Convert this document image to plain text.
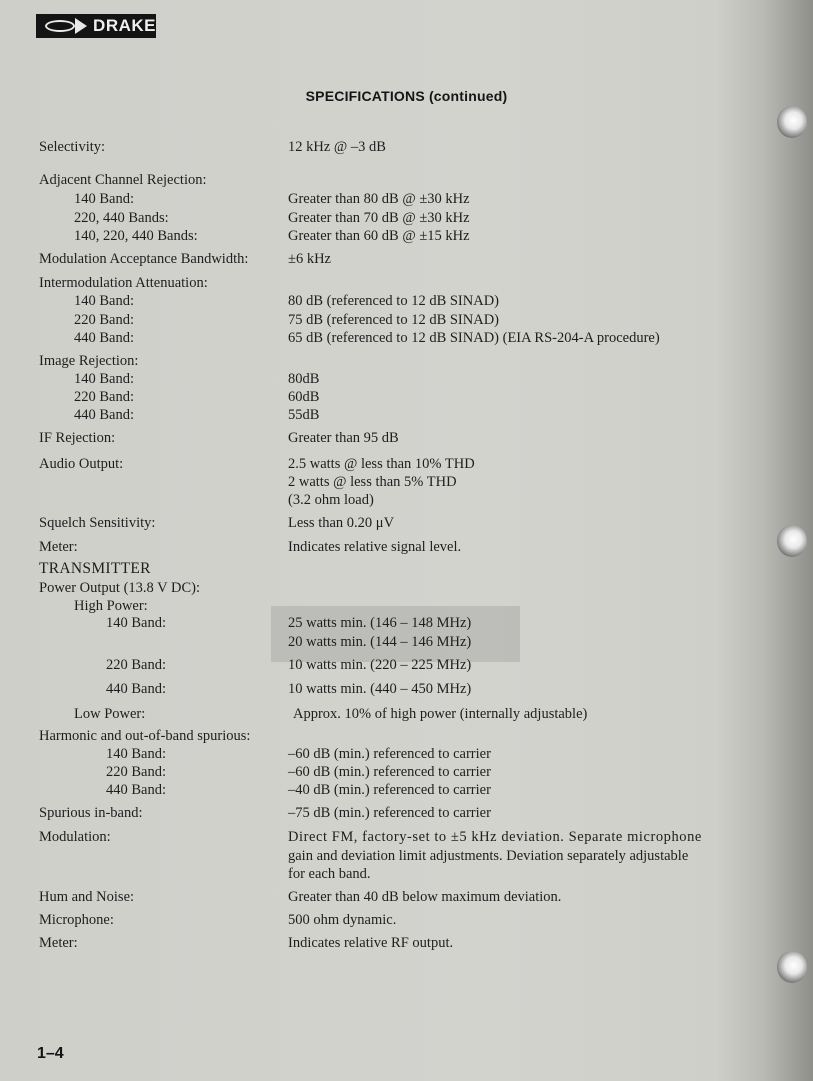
DRAKE
SPECIFICATIONS (continued)
Selectivity:	12 kHz @ –3 dB
Adjacent Channel Rejection:
140 Band:	Greater than 80 dB @ ±30 kHz
220, 440 Bands:	Greater than 70 dB @ ±30 kHz
140, 220, 440 Bands:	Greater than 60 dB @ ±15 kHz
Modulation Acceptance Bandwidth:	±6 kHz
Intermodulation Attenuation:
140 Band:	80 dB (referenced to 12 dB SINAD)
220 Band:	75 dB (referenced to 12 dB SINAD)
440 Band:	65 dB (referenced to 12 dB SINAD) (EIA RS-204-A procedure)
Image Rejection:
140 Band:	80dB
220 Band:	60dB
440 Band:	55dB
IF Rejection:	Greater than 95 dB
Audio Output:	2.5 watts @ less than 10% THD
2 watts @ less than 5% THD
(3.2 ohm load)
Squelch Sensitivity:	Less than 0.20 μV
Meter:	Indicates relative signal level.
TRANSMITTER
Power Output (13.8 V DC):
High Power:
140 Band:	25 watts min. (146 – 148 MHz)
20 watts min. (144 – 146 MHz)
220 Band:	10 watts min. (220 – 225 MHz)
440 Band:	10 watts min. (440 – 450 MHz)
Low Power:	Approx. 10% of high power (internally adjustable)
Harmonic and out-of-band spurious:
140 Band:	–60 dB (min.) referenced to carrier
220 Band:	–60 dB (min.) referenced to carrier
440 Band:	–40 dB (min.) referenced to carrier
Spurious in-band:	–75 dB (min.) referenced to carrier
Modulation:	Direct FM, factory-set to ±5 kHz deviation. Separate microphone
gain and deviation limit adjustments. Deviation separately adjustable
for each band.
Hum and Noise:	Greater than 40 dB below maximum deviation.
Microphone:	500 ohm dynamic.
Meter:	Indicates relative RF output.
1–4
